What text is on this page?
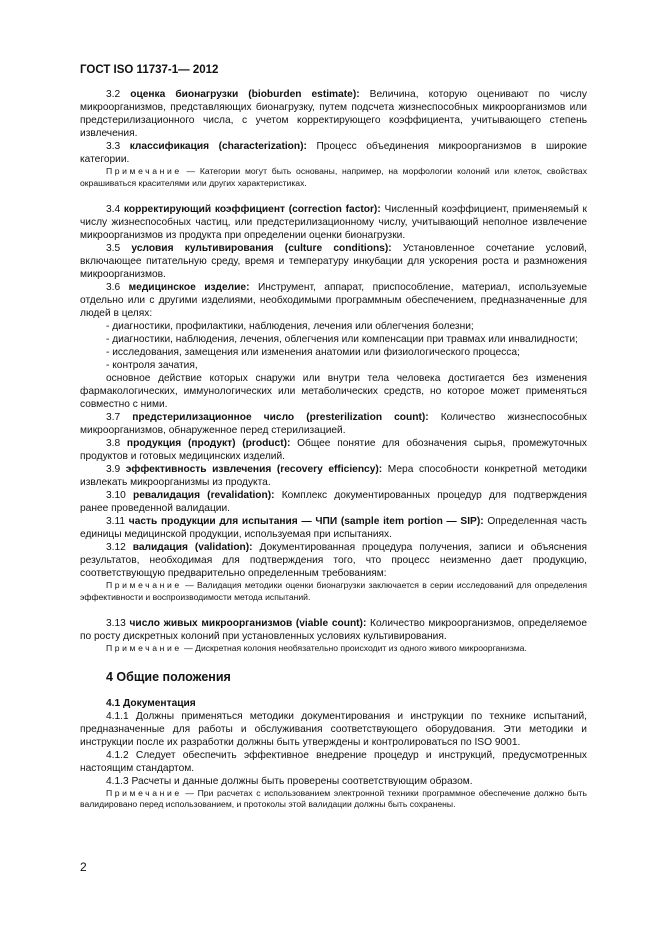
ГОСТ ISO 11737-1— 2012

3.2 оценка бионагрузки (bioburden estimate): Величина, которую оценивают по числу микроорганизмов, представляющих бионагрузку, путем подсчета жизнеспособных микроорганизмов или предстерилизационного числа, с учетом корректирующего коэффициента, учитывающего степень извлечения.

3.3 классификация (characterization): Процесс объединения микроорганизмов в широкие категории.

Примечание — Категории могут быть основаны, например, на морфологии колоний или клеток, свойствах окрашиваться красителями или других характеристиках.

3.4 корректирующий коэффициент (correction factor): Численный коэффициент, применяемый к числу жизнеспособных частиц, или предстерилизационному числу, учитывающий неполное извлечение микроорганизмов из продукта при определении оценки бионагрузки.

3.5 условия культивирования (culture conditions): Установленное сочетание условий, включающее питательную среду, время и температуру инкубации для ускорения роста и размножения микроорганизмов.

3.6 медицинское изделие: Инструмент, аппарат, приспособление, материал, используемые отдельно или с другими изделиями, необходимыми программным обеспечением, предназначенные для людей в целях:

- диагностики, профилактики, наблюдения, лечения или облегчения болезни;

- диагностики, наблюдения, лечения, облегчения или компенсации при травмах или инвалидности;

- исследования, замещения или изменения анатомии или физиологического процесса;

- контроля зачатия,

основное действие которых снаружи или внутри тела человека достигается без изменения фармакологических, иммунологических или метаболических средств, но которое может применяться совместно с ними.

3.7 предстерилизационное число (presterilization count): Количество жизнеспособных микроорганизмов, обнаруженное перед стерилизацией.

3.8 продукция (продукт) (product): Общее понятие для обозначения сырья, промежуточных продуктов и готовых медицинских изделий.

3.9 эффективность извлечения (recovery efficiency): Мера способности конкретной методики извлекать микроорганизмы из продукта.

3.10 ревалидация (revalidation): Комплекс документированных процедур для подтверждения ранее проведенной валидации.

3.11 часть продукции для испытания — ЧПИ (sample item portion — SIP): Определенная часть единицы медицинской продукции, используемая при испытаниях.

3.12 валидация (validation): Документированная процедура получения, записи и объяснения результатов, необходимая для подтверждения того, что процесс неизменно дает продукцию, соответствующую предварительно определенным требованиям:

Примечание — Валидация методики оценки бионагрузки заключается в серии исследований для определения эффективности и воспроизводимости метода испытаний.

3.13 число живых микроорганизмов (viable count): Количество микроорганизмов, определяемое по росту дискретных колоний при установленных условиях культивирования.

Примечание — Дискретная колония необязательно происходит из одного живого микроорганизма.

4 Общие положения

4.1 Документация

4.1.1 Должны применяться методики документирования и инструкции по технике испытаний, предназначенные для работы и обслуживания соответствующего оборудования. Эти методики и инструкции после их разработки должны быть утверждены и контролироваться по ISO 9001.

4.1.2 Следует обеспечить эффективное внедрение процедур и инструкций, предусмотренных настоящим стандартом.

4.1.3 Расчеты и данные должны быть проверены соответствующим образом.

Примечание — При расчетах с использованием электронной техники программное обеспечение должно быть валидировано перед использованием, и протоколы этой валидации должны быть сохранены.

2
